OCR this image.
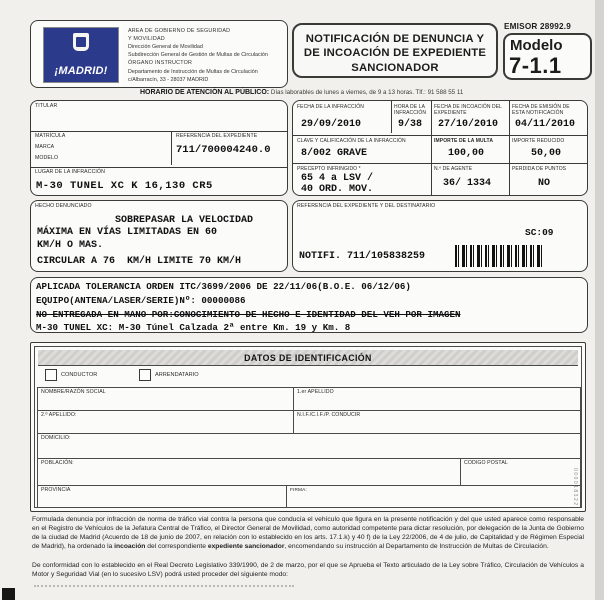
¡MADRID!
AREA DE GOBIERNO DE SEGURIDAD
Y MOVILIDAD
Dirección General de Movilidad
Subdirección General de Gestión de Multas de Circulación
ÓRGANO INSTRUCTOR
Departamento de Instrucción de Multas de Circulación
c/Albarracín, 33 - 28037 MADRID
NOTIFICACIÓN DE DENUNCIA Y
DE INCOACIÓN DE EXPEDIENTE
SANCIONADOR
EMISOR 28992.9
Modelo
7-1.1
HORARIO DE ATENCIÓN AL PÚBLICO: Días laborables de lunes a viernes, de 9 a 13 horas. Tlf.: 91 588 55 11
TITULAR
MATRÍCULA
MARCA
MODELO
REFERENCIA DEL EXPEDIENTE
711/700004240.0
LUGAR DE LA INFRACCIÓN
M-30 TUNEL XC K 16,130 CR5
FECHA DE LA INFRACCIÓN
29/09/2010
HORA DE LA INFRACCIÓN
9/38
FECHA DE INCOACIÓN DEL EXPEDIENTE
27/10/2010
FECHA DE EMISIÓN DE ESTA NOTIFICACIÓN
04/11/2010
CLAVE Y CALIFICACIÓN DE LA INFRACCIÓN
8/002 GRAVE
IMPORTE DE LA MULTA
100,00
IMPORTE REDUCIDO
50,00
PRECEPTO INFRINGIDO *
65 4 a LSV /
40 ORD. MOV.
N.º DE AGENTE
36/ 1334
PERDIDA DE PUNTOS
NO
HECHO DENUNCIADO
SOBREPASAR LA VELOCIDAD
MÁXIMA EN VÍAS LIMITADAS EN 60
KM/H O MAS.
CIRCULAR A 76  KM/H LIMITE 70 KM/H
REFERENCIA DEL EXPEDIENTE Y DEL DESTINATARIO
SC:09
NOTIFI. 711/105838259
APLICADA TOLERANCIA ORDEN ITC/3699/2006 DE 22/11/06(B.O.E. 06/12/06)
EQUIPO(ANTENA/LASER/SERIE)Nº: 00000086
NO ENTREGADA EN MANO POR:CONOCIMIENTO DE HECHO E IDENTIDAD DEL VEH POR IMAGEN
M-30 TUNEL XC: M-30 Túnel Calzada 2ª entre Km. 19 y Km. 8
DATOS DE IDENTIFICACIÓN
CONDUCTOR	ARRENDATARIO
NOMBRE/RAZÓN SOCIAL	1.er APELLIDO
2.º APELLIDO:	N.I.F./C.I.F./P. CONDUCIR
DOMICILIO:
POBLACIÓN:	CODIGO POSTAL
PROVINCIA	FIRMA:
Formulada denuncia por infracción de norma de tráfico vial contra la persona que conducía el vehículo que figura en la presente notificación y del que usted aparece como responsable en el Registro de Vehículos de la Jefatura Central de Tráfico, el Director General de Movilidad, como autoridad competente para dictar resolución, por delegación de la Junta de Gobierno de la ciudad de Madrid (Acuerdo de 18 de junio de 2007, en relación con lo establecido en los arts. 17.1.k) y 40 f) de la Ley 22/2006, de 4 de julio, de Capitalidad y de Régimen Especial de Madrid), ha ordenado la incoación del correspondiente expediente sancionador, encomendando su instrucción al Departamento de Instrucción de Multas de Circulación.
De conformidad con lo establecido en el Real Decreto Legislativo 339/1990, de 2 de marzo, por el que se Aprueba el Texto articulado de la Ley sobre Tráfico, Circulación de Vehículos a Motor y Seguridad Vial (en lo sucesivo LSV) podrá usted proceder del siguiente modo:
000018322
